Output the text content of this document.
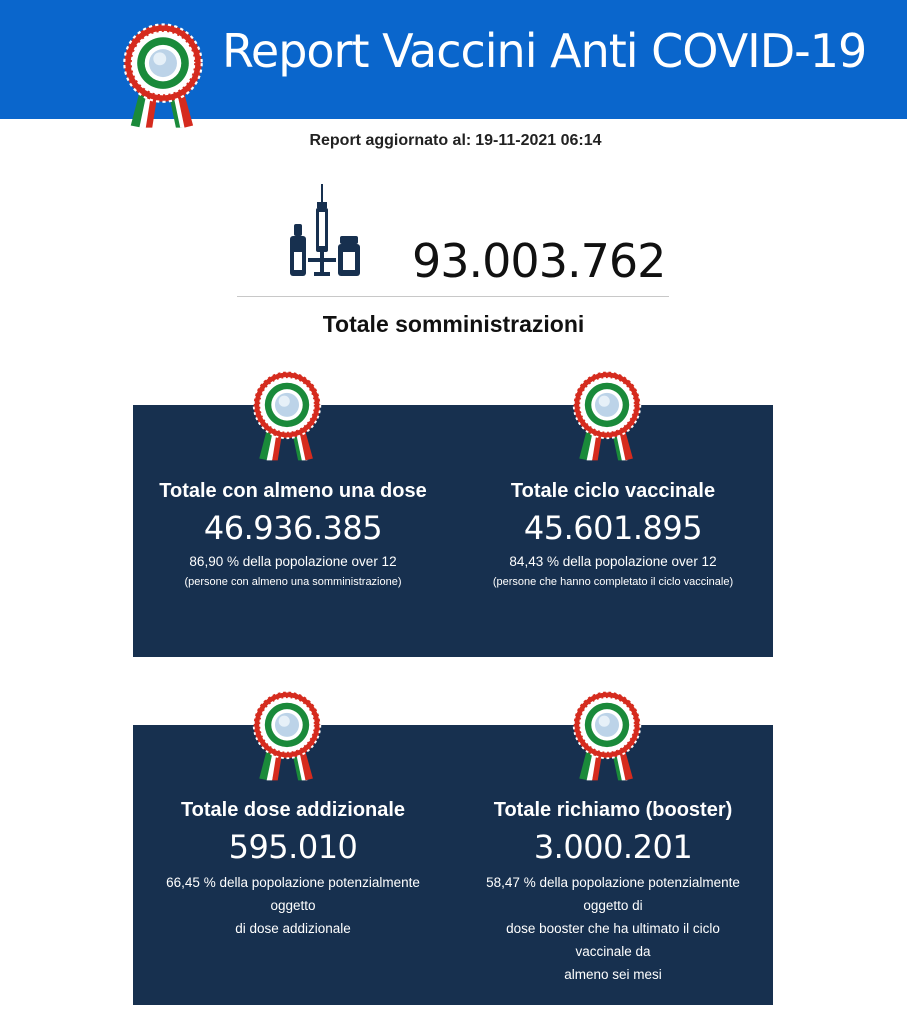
Report Vaccini Anti COVID-19
Report aggiornato al: 19-11-2021 06:14
93.003.762
Totale somministrazioni
Totale con almeno una dose
46.936.385
86,90 % della popolazione over 12
(persone con almeno una somministrazione)
Totale ciclo vaccinale
45.601.895
84,43 % della popolazione over 12
(persone che hanno completato il ciclo vaccinale)
Totale dose addizionale
595.010
66,45 % della popolazione potenzialmente
oggetto
di dose addizionale
Totale richiamo (booster)
3.000.201
58,47 % della popolazione potenzialmente
oggetto di
dose booster che ha ultimato il ciclo
vaccinale da
almeno sei mesi
